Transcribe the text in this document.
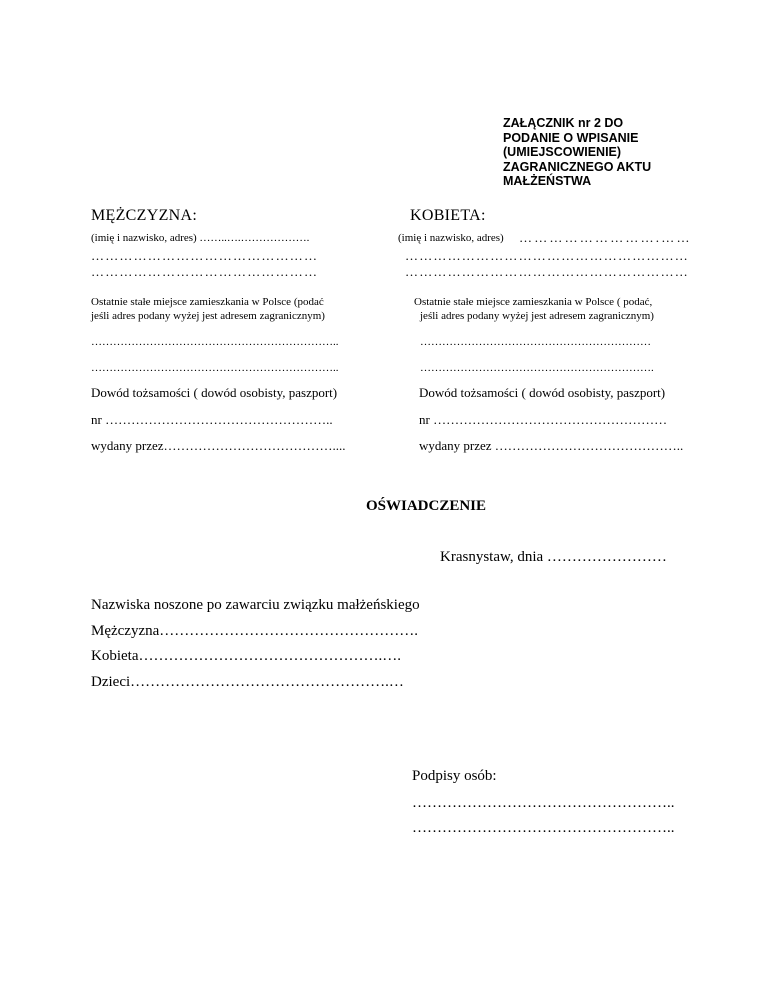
ZAŁĄCZNIK nr 2 DO
PODANIE O WPISANIE
(UMIEJSCOWIENIE)
ZAGRANICZNEGO AKTU
MAŁŻEŃSTWA
MĘŻCZYZNA:
(imię i nazwisko, adres) ……..….……………….
…………………………………………
…………………………………………
Ostatnie stałe miejsce zamieszkania w Polsce (podać
jeśli adres podany wyżej jest adresem zagranicznym)
…………………………………………………………..
…………………………………………………………..
Dowód tożsamości ( dowód osobisty, paszport)
nr ……………………………………………..
wydany przez…………………………………....
KOBIETA:
(imię i nazwisko, adres) ……………………….……
……………………………………………………
……………………………………………………
Ostatnie stałe miejsce zamieszkania w Polsce ( podać,
jeśli adres podany wyżej jest adresem zagranicznym)
………………………………………………………
……………………………………………………….
Dowód tożsamości ( dowód osobisty, paszport)
nr ………………………………………………
wydany przez ……………………………………..
OŚWIADCZENIE
Krasnystaw, dnia ……………………
Nazwiska noszone po zawarciu związku małżeńskiego
Mężczyzna…………………………………………….
Kobieta………………………………………….….
Dzieci…………………………………………….…
Podpisy osób:
……………………………………………..
……………………………………………..
